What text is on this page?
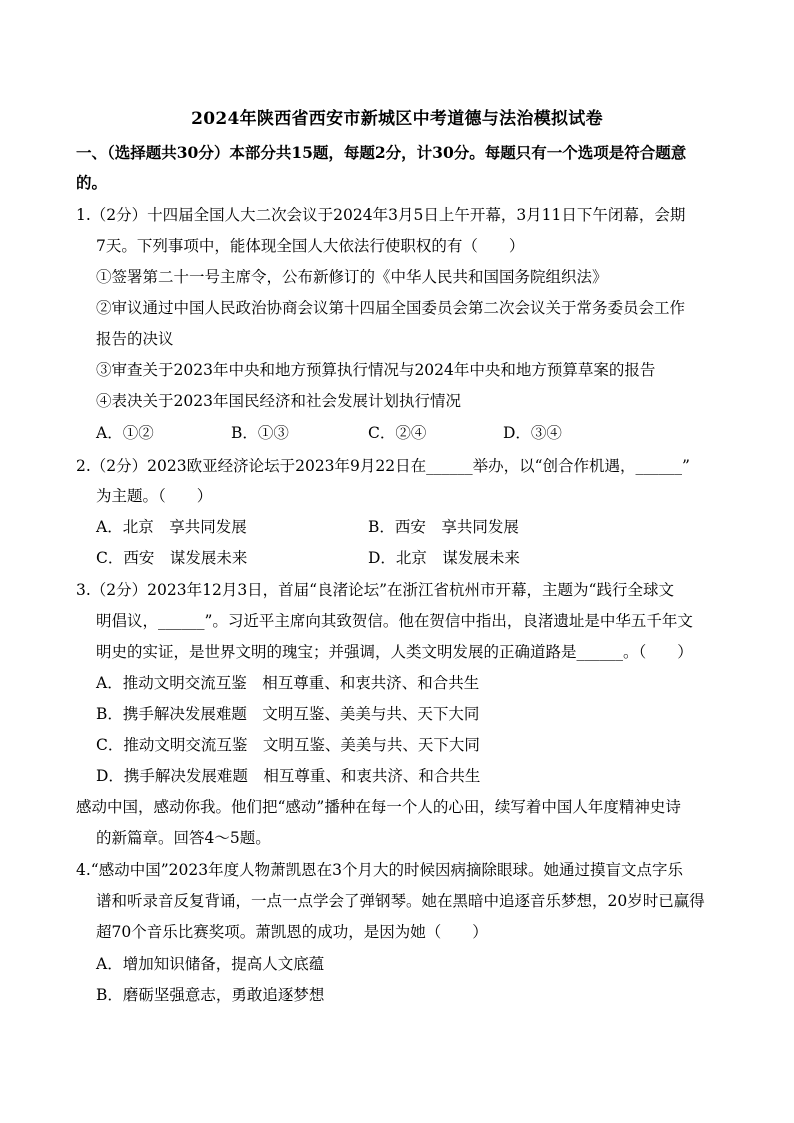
2024年陕西省西安市新城区中考道德与法治模拟试卷
一、（选择题共30分）本部分共15题，每题2分，计30分。每题只有一个选项是符合题意
的。
1.（2分）十四届全国人大二次会议于2024年3月5日上午开幕，3月11日下午闭幕，会期
7天。下列事项中，能体现全国人大依法行使职权的有（　　）
①签署第二十一号主席令，公布新修订的《中华人民共和国国务院组织法》
②审议通过中国人民政治协商会议第十四届全国委员会第二次会议关于常务委员会工作
报告的决议
③审查关于2023年中央和地方预算执行情况与2024年中央和地方预算草案的报告
④表决关于2023年国民经济和社会发展计划执行情况
A．①②	B．①③	C．②④	D．③④
2.（2分）2023欧亚经济论坛于2023年9月22日在______举办，以“创合作机遇，______”
为主题。（　　）
A．北京　享共同发展	B．西安　享共同发展
C．西安　谋发展未来	D．北京　谋发展未来
3.（2分）2023年12月3日，首届“良渚论坛”在浙江省杭州市开幕，主题为“践行全球文
明倡议，______”。习近平主席向其致贺信。他在贺信中指出，良渚遗址是中华五千年文
明史的实证，是世界文明的瑰宝；并强调，人类文明发展的正确道路是______。（　　）
A．推动文明交流互鉴　相互尊重、和衷共济、和合共生
B．携手解决发展难题　文明互鉴、美美与共、天下大同
C．推动文明交流互鉴　文明互鉴、美美与共、天下大同
D．携手解决发展难题　相互尊重、和衷共济、和合共生
感动中国，感动你我。他们把“感动”播种在每一个人的心田，续写着中国人年度精神史诗
的新篇章。回答4～5题。
4.“感动中国”2023年度人物萧凯恩在3个月大的时候因病摘除眼球。她通过摸盲文点字乐
谱和听录音反复背诵，一点一点学会了弹钢琴。她在黑暗中追逐音乐梦想，20岁时已赢得
超70个音乐比赛奖项。萧凯恩的成功，是因为她（　　）
A．增加知识储备，提高人文底蕴
B．磨砺坚强意志，勇敢追逐梦想
